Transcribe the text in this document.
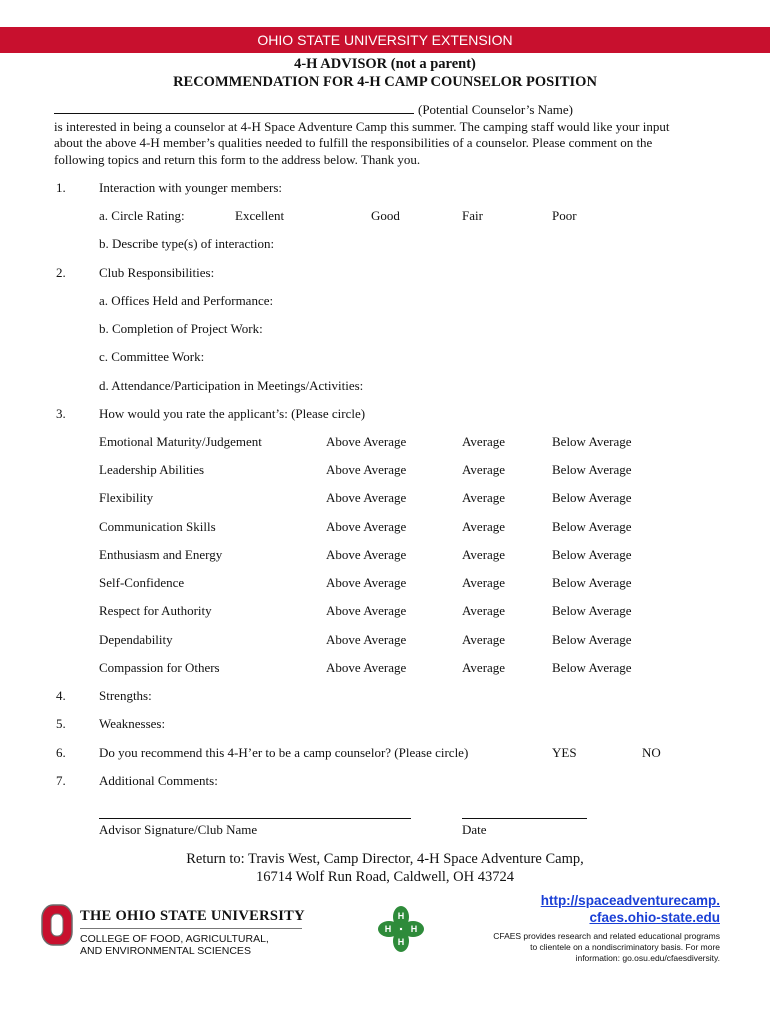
OHIO STATE UNIVERSITY EXTENSION
4-H ADVISOR (not a parent)
RECOMMENDATION FOR 4-H CAMP COUNSELOR POSITION
(Potential Counselor’s Name)
is interested in being a counselor at 4-H Space Adventure Camp this summer. The camping staff would like your input
about the above 4-H member’s qualities needed to fulfill the responsibilities of a counselor. Please comment on the
following topics and return this form to the address below. Thank you.
1.	Interaction with younger members:
a. Circle Rating:	Excellent	Good	Fair	Poor
b. Describe type(s) of interaction:
2.	Club Responsibilities:
a. Offices Held and Performance:
b. Completion of Project Work:
c. Committee Work:
d. Attendance/Participation in Meetings/Activities:
3.	How would you rate the applicant’s: (Please circle)
Emotional Maturity/Judgement	Above Average	Average	Below Average
Leadership Abilities	Above Average	Average	Below Average
Flexibility	Above Average	Average	Below Average
Communication Skills	Above Average	Average	Below Average
Enthusiasm and Energy	Above Average	Average	Below Average
Self-Confidence	Above Average	Average	Below Average
Respect for Authority	Above Average	Average	Below Average
Dependability	Above Average	Average	Below Average
Compassion for Others	Above Average	Average	Below Average
4.	Strengths:
5.	Weaknesses:
6.	Do you recommend this 4-H’er to be a camp counselor? (Please circle)	YES	NO
7.	Additional Comments:
Advisor Signature/Club Name	Date
Return to: Travis West, Camp Director, 4-H Space Adventure Camp,
16714 Wolf Run Road, Caldwell, OH 43724
THE OHIO STATE UNIVERSITY
COLLEGE OF FOOD, AGRICULTURAL,
AND ENVIRONMENTAL SCIENCES
H
H
H H
http://spaceadventurecamp.
cfaes.ohio-state.edu
CFAES provides research and related educational programs
to clientele on a nondiscriminatory basis. For more
information: go.osu.edu/cfaesdiversity.
